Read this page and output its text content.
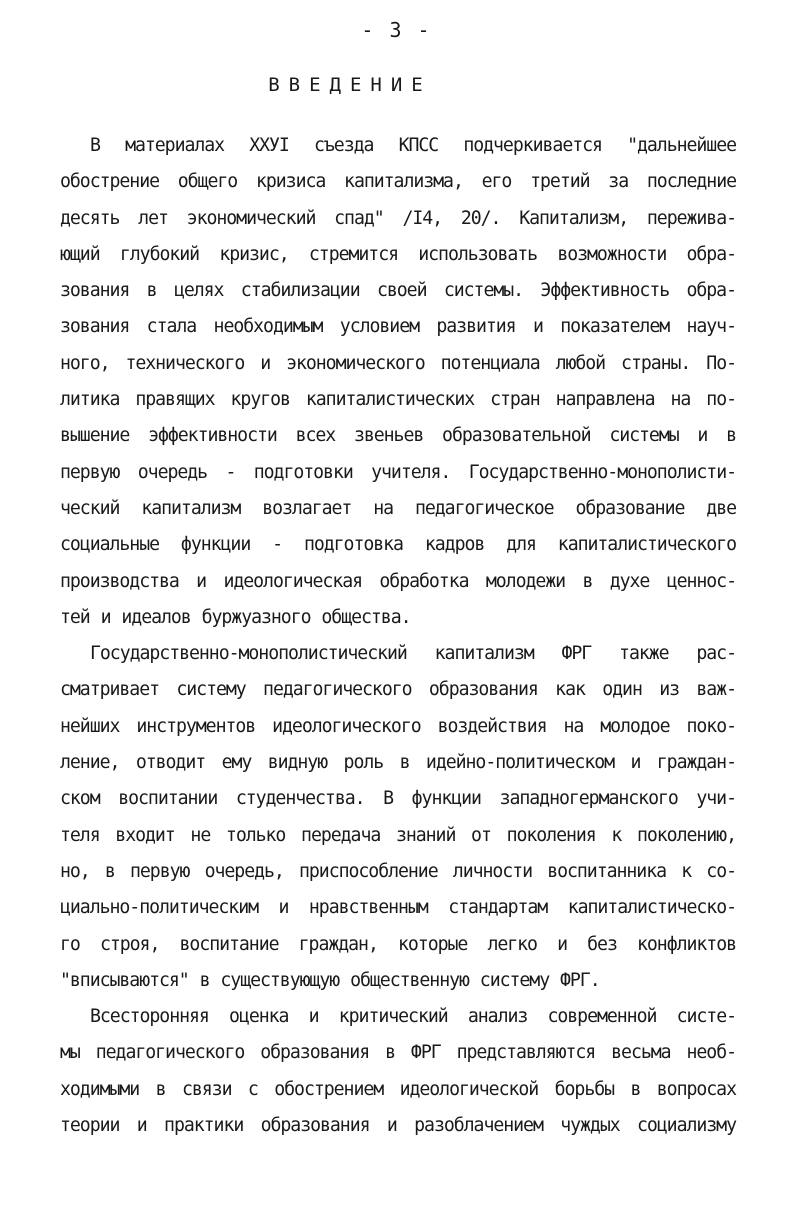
- 3 -
ВВЕДЕНИЕ
В материалах ХХУI съезда КПСС подчеркивается "дальнейшее
обострение общего кризиса капитализма, его третий за последние
десять лет экономический спад" /I4, 20/. Капитализм, пережива-
ющий глубокий кризис, стремится использовать возможности обра-
зования в целях стабилизации своей системы. Эффективность обра-
зования стала необходимым условием развития и показателем науч-
ного, технического и экономического потенциала любой страны. По-
литика правящих кругов капиталистических стран направлена на по-
вышение эффективности всех звеньев образовательной системы и в
первую очередь - подготовки учителя. Государственно-монополисти-
ческий капитализм возлагает на педагогическое образование две
социальные функции - подготовка кадров для капиталистического
производства и идеологическая обработка молодежи в духе ценнос-
тей и идеалов буржуазного общества.
Государственно-монополистический капитализм ФРГ также рас-
сматривает систему педагогического образования как один из важ-
нейших инструментов идеологического воздействия на молодое поко-
ление, отводит ему видную роль в идейно-политическом и граждан-
ском воспитании студенчества. В функции западногерманского учи-
теля входит не только передача знаний от поколения к поколению,
но, в первую очередь, приспособление личности воспитанника к со-
циально-политическим и нравственным стандартам капиталистическо-
го строя, воспитание граждан, которые легко и без конфликтов
"вписываются" в существующую общественную систему ФРГ.
Всесторонняя оценка и критический анализ современной систе-
мы педагогического образования в ФРГ представляются весьма необ-
ходимыми в связи с обострением идеологической борьбы в вопросах
теории и практики образования и разоблачением чуждых социализму
